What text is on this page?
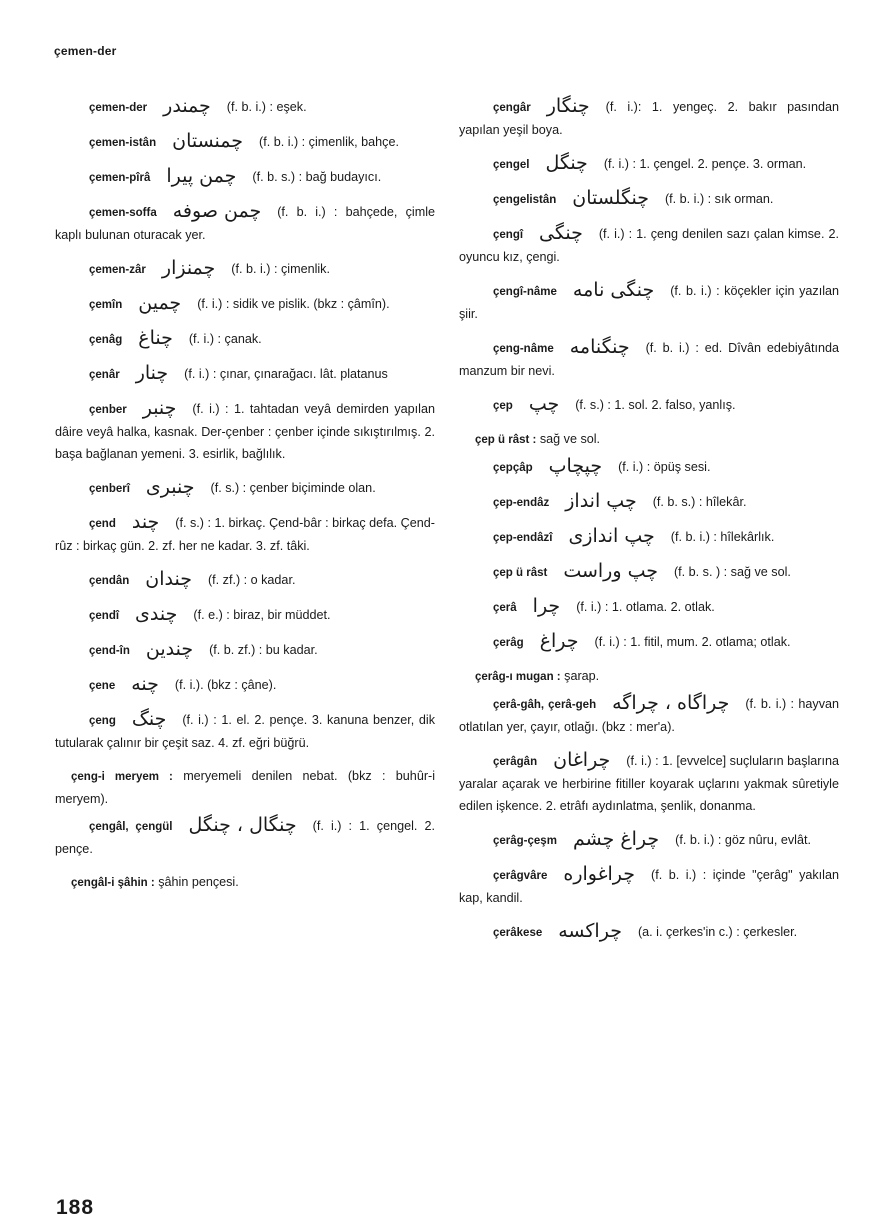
çemen-der
çemen-der چمندر (f. b. i.) : eşek.
çemen-istân چمنستان (f. b. i.) : çimenlik, bahçe.
çemen-pîrâ چمن پیرا (f. b. s.) : bağ budayıcı.
çemen-soffa چمن صوفه (f. b. i.) : bahçede, çimle kaplı bulunan oturacak yer.
çemen-zâr چمنزار (f. b. i.) : çimenlik.
çemîn چمین (f. i.) : sidik ve pislik. (bkz : çâmîn).
çenâg چناغ (f. i.) : çanak.
çenâr چنار (f. i.) : çınar, çınarağacı. lât. platanus
çenber چنبر (f. i.) : 1. tahtadan veyâ demirden yapılan dâire veyâ halka, kasnak. Der-çenber : çenber içinde sıkıştırılmış. 2. başa bağlanan yemeni. 3. esirlik, bağlılık.
çenberî چنبری (f. s.) : çenber biçiminde olan.
çend چند (f. s.) : 1. birkaç. Çend-bâr : birkaç defa. Çend-rûz : birkaç gün. 2. zf. her ne kadar. 3. zf. tâki.
çendân چندان (f. zf.) : o kadar.
çendî چندی (f. e.) : biraz, bir müddet.
çend-în چندین (f. b. zf.) : bu kadar.
çene چنه (f. i.). (bkz : çâne).
çeng چنگ (f. i.) : 1. el. 2. pençe. 3. kanuna benzer, dik tutularak çalınır bir çeşit saz. 4. zf. eğri büğrü.
çeng-i meryem : meryemeli denilen nebat. (bkz : buhûr-i meryem).
çengâl, çengül چنگال ، چنگل (f. i.) : 1. çengel. 2. pençe.
çengâl-i şâhin : şâhin pençesi.
çengâr چنگار (f. i.): 1. yengeç. 2. bakır pasından yapılan yeşil boya.
çengel چنگل (f. i.) : 1. çengel. 2. pençe. 3. orman.
çengelistân چنگلستان (f. b. i.) : sık orman.
çengî چنگی (f. i.) : 1. çeng denilen sazı çalan kimse. 2. oyuncu kız, çengi.
çengî-nâme چنگی نامه (f. b. i.) : köçekler için yazılan şiir.
çeng-nâme چنگنامه (f. b. i.) : ed. Dîvân edebiyâtında manzum bir nevi.
çep چپ (f. s.) : 1. sol. 2. falso, yanlış.
çep ü râst : sağ ve sol.
çepçâp چپچاپ (f. i.) : öpüş sesi.
çep-endâz چپ انداز (f. b. s.) : hîlekâr.
çep-endâzî چپ اندازی (f. b. i.) : hîlekârlık.
çep ü râst چپ وراست (f. b. s. ) : sağ ve sol.
çerâ چرا (f. i.) : 1. otlama. 2. otlak.
çerâg چراغ (f. i.) : 1. fitil, mum. 2. otlama; otlak.
çerâg-ı mugan : şarap.
çerâ-gâh, çerâ-geh چراگاه ، چراگه (f. b. i.) : hayvan otlatılan yer, çayır, otlağı. (bkz : mer'a).
çerâgân چراغان (f. i.) : 1. [evvelce] suçluların başlarına yaralar açarak ve herbirine fitiller koyarak uçlarını yakmak sûretiyle edilen işkence. 2. etrâfı aydınlatma, şenlik, donanma.
çerâg-çeşm چراغ چشم (f. b. i.) : göz nûru, evlât.
çerâgvâre چراغواره (f. b. i.) : içinde "çerâg" yakılan kap, kandil.
çerâkese چراکسه (a. i. çerkes'in c.) : çerkesler.
188
